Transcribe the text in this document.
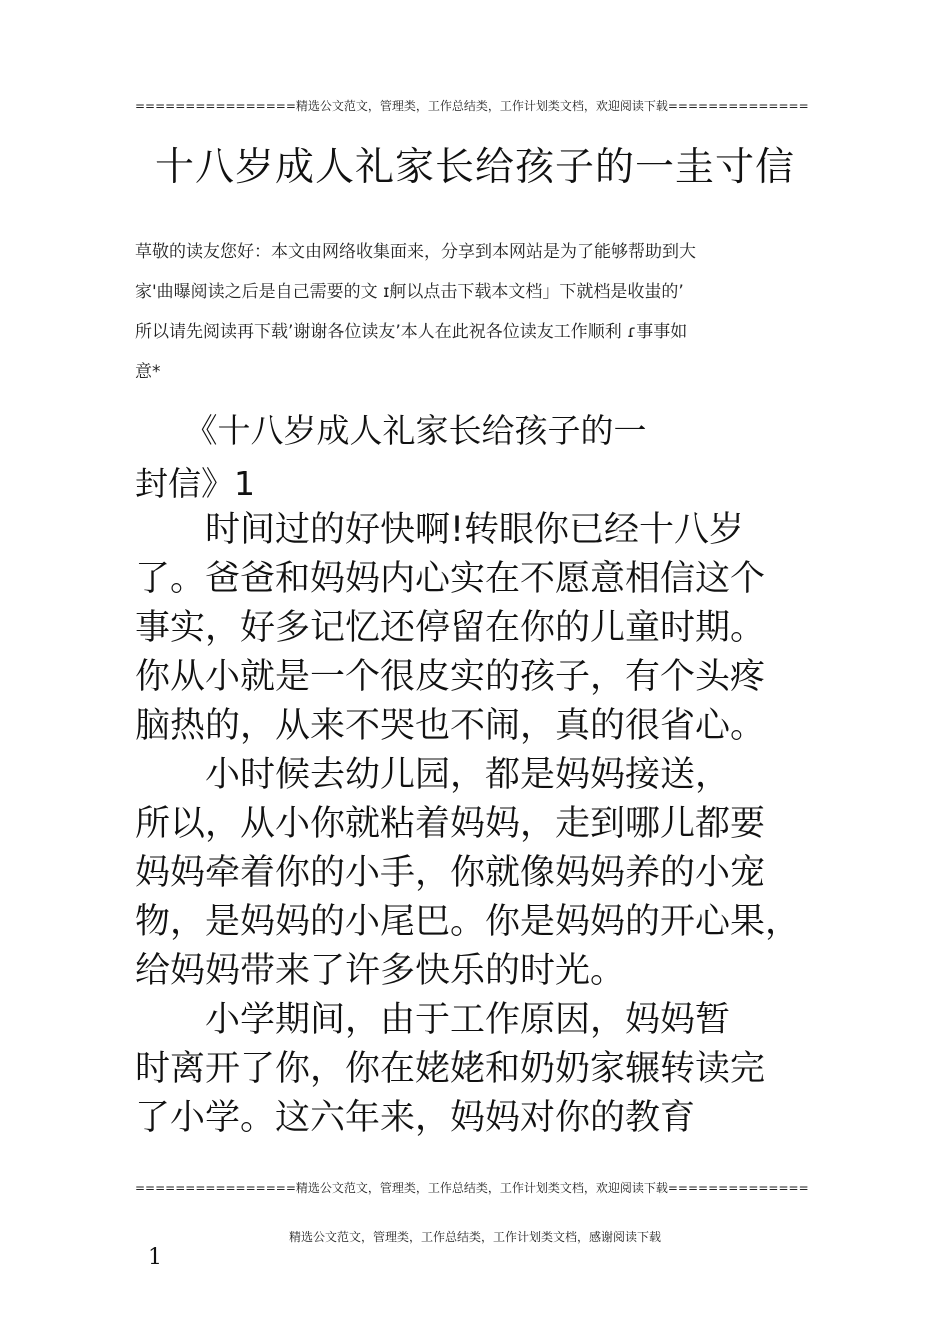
================精选公文范文，管理类，工作总结类，工作计划类文档，欢迎阅读下载==============
十八岁成人礼家长给孩子的一圭寸信
草敬的读友您好：本文由网络收集面来，分享到本网站是为了能够帮助到大
家'曲曝阅读之后是自己需要的文 ɪ舸以点击下载本文档」下就档是收蚩的’
所以请先阅读再下载’谢谢各位读友’本人在此祝各位读友工作顺利 ɾ事事如
意*
　　《十八岁成人礼家长给孩子的一
封信》1
　　时间过的好快啊!转眼你已经十八岁
了。爸爸和妈妈内心实在不愿意相信这个
事实，好多记忆还停留在你的儿童时期。
你从小就是一个很皮实的孩子，有个头疼
脑热的，从来不哭也不闹，真的很省心。
　　小时候去幼儿园，都是妈妈接送，
所以，从小你就粘着妈妈，走到哪儿都要
妈妈牵着你的小手，你就像妈妈养的小宠
物，是妈妈的小尾巴。你是妈妈的开心果，
给妈妈带来了许多快乐的时光。
　　小学期间，由于工作原因，妈妈暂
时离开了你，你在姥姥和奶奶家辗转读完
了小学。这六年来，妈妈对你的教育
================精选公文范文，管理类，工作总结类，工作计划类文档，欢迎阅读下载==============
精选公文范文，管理类，工作总结类，工作计划类文档，感谢阅读下载
1
